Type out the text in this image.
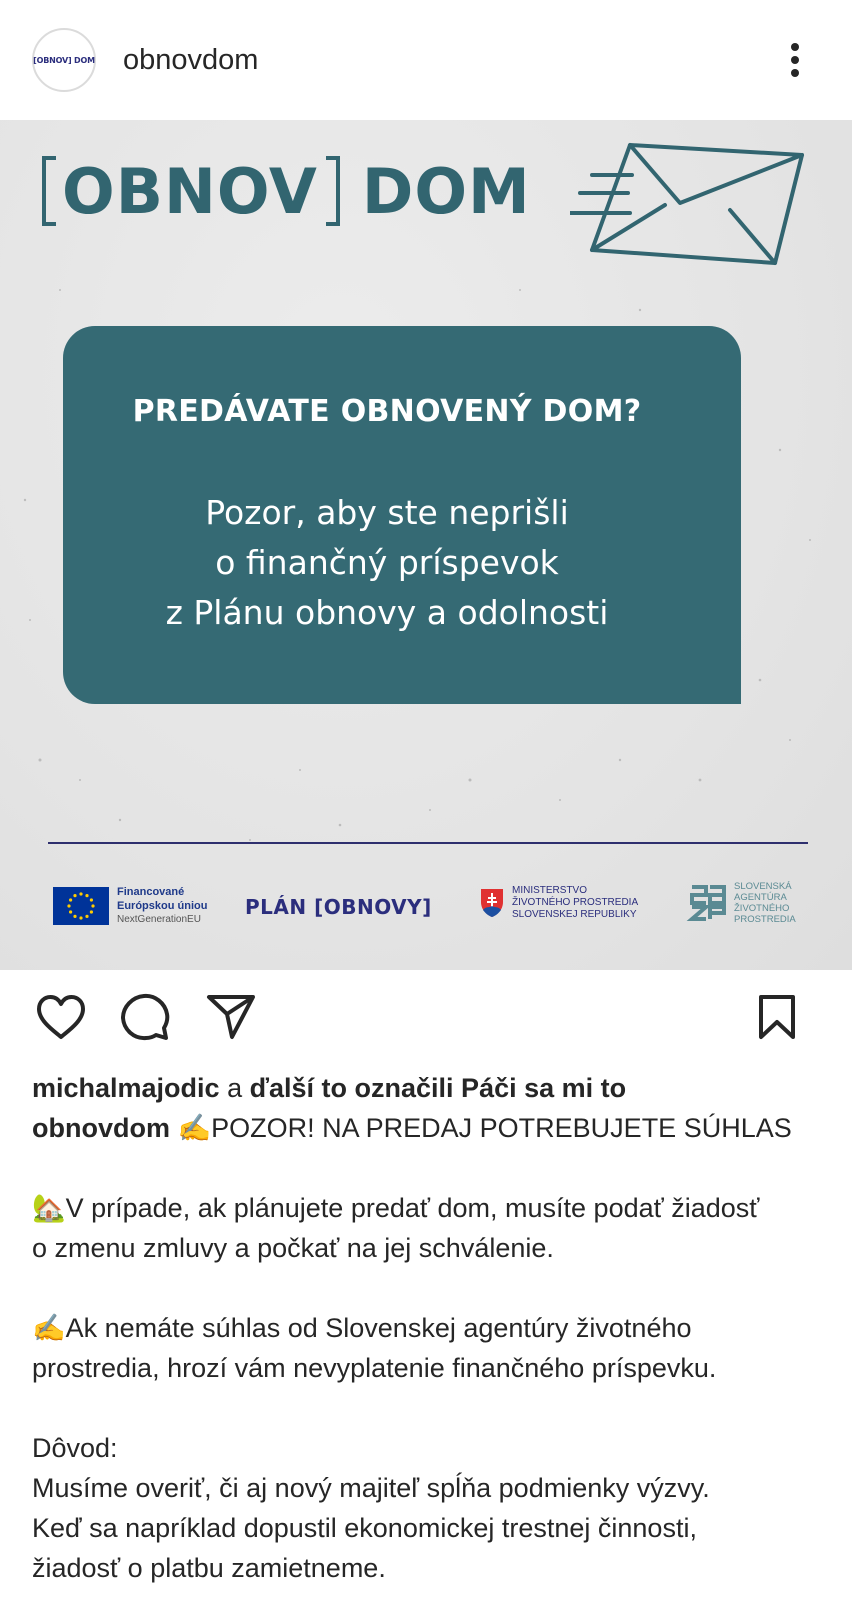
[OBNOV] DOM obnovdom
OBNOV DOM
PREDÁVATE OBNOVENÝ DOM?
Pozor, aby ste neprišli
o finančný príspevok
z Plánu obnovy a odolnosti
Financované
Európskou úniou
NextGenerationEU
PLÁN [OBNOVY]
MINISTERSTVO
ŽIVOTNÉHO PROSTREDIA
SLOVENSKEJ REPUBLIKY
SLOVENSKÁ
AGENTÚRA
ŽIVOTNÉHO
PROSTREDIA
michalmajodic a ďalší to označili Páči sa mi to
obnovdom ✍️POZOR! NA PREDAJ POTREBUJETE SÚHLAS
🏡V prípade, ak plánujete predať dom, musíte podať žiadosť
o zmenu zmluvy a počkať na jej schválenie.
✍️Ak nemáte súhlas od Slovenskej agentúry životného
prostredia, hrozí vám nevyplatenie finančného príspevku.
Dôvod:
Musíme overiť, či aj nový majiteľ spĺňa podmienky výzvy.
Keď sa napríklad dopustil ekonomickej trestnej činnosti,
žiadosť o platbu zamietneme.
